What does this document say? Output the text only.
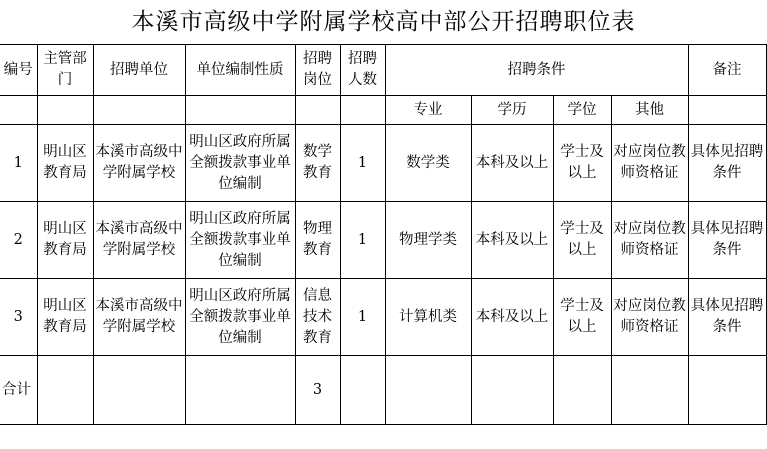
本溪市高级中学附属学校高中部公开招聘职位表
编号	主管部门	招聘单位	单位编制性质	招聘岗位	招聘人数	招聘条件				备注
						专业	学历	学位	其他	
1	明山区教育局	本溪市高级中学附属学校	明山区政府所属全额拨款事业单位编制	数学教育	1	数学类	本科及以上	学士及以上	对应岗位教师资格证	具体见招聘条件
2	明山区教育局	本溪市高级中学附属学校	明山区政府所属全额拨款事业单位编制	物理教育	1	物理学类	本科及以上	学士及以上	对应岗位教师资格证	具体见招聘条件
3	明山区教育局	本溪市高级中学附属学校	明山区政府所属全额拨款事业单位编制	信息技术教育	1	计算机类	本科及以上	学士及以上	对应岗位教师资格证	具体见招聘条件
合计				3						
